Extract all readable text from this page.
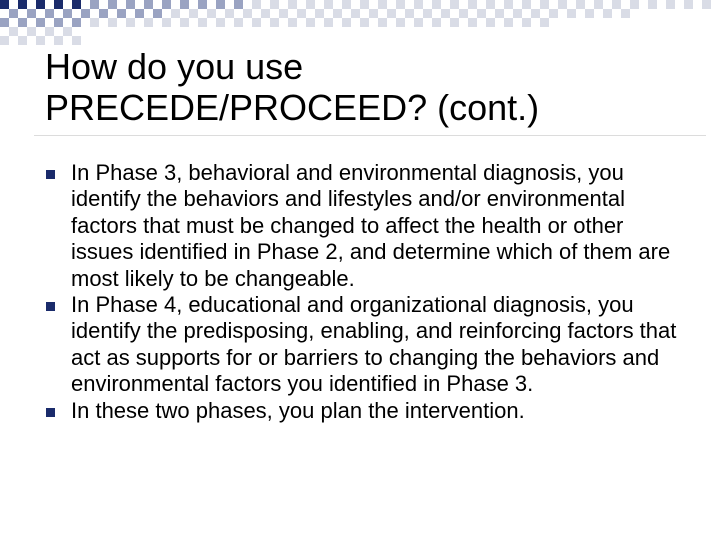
How do you use PRECEDE/PROCEED? (cont.)
In Phase 3, behavioral and environmental diagnosis, you identify the behaviors and lifestyles and/or environmental factors that must be changed to affect the health or other issues identified in Phase 2, and determine which of them are most likely to be changeable.
In Phase 4, educational and organizational diagnosis, you identify the predisposing, enabling, and reinforcing factors that act as supports for or barriers to changing the behaviors and environmental factors you identified in Phase 3.
In these two phases, you plan the intervention.
